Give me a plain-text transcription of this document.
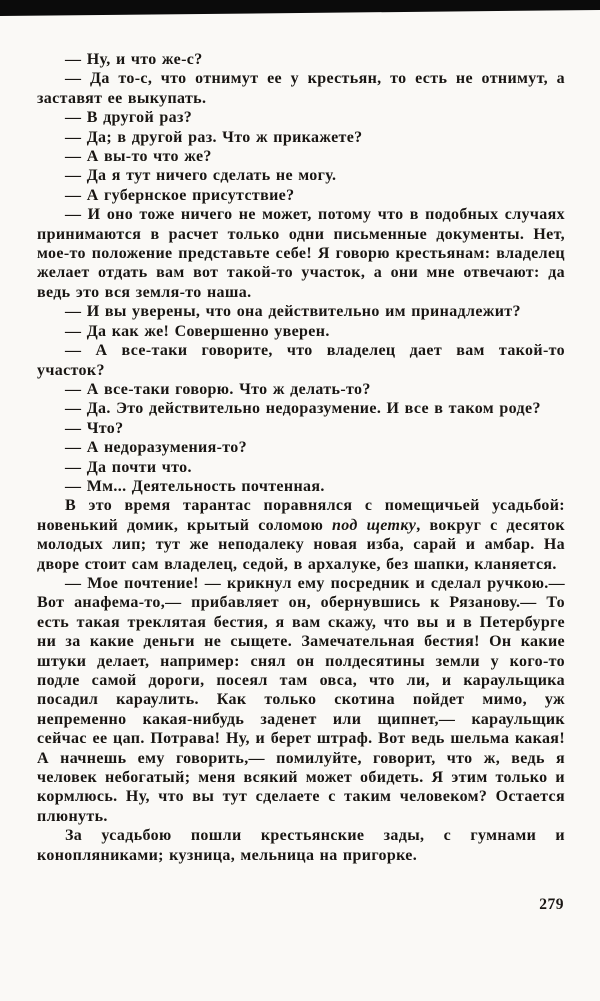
— Ну, и что же-с?

— Да то-с, что отнимут ее у крестьян, то есть не отнимут, а заставят ее выкупать.

— В другой раз?

— Да; в другой раз. Что ж прикажете?

— А вы-то что же?

— Да я тут ничего сделать не могу.

— А губернское присутствие?

— И оно тоже ничего не может, потому что в подобных случаях принимаются в расчет только одни письменные документы. Нет, мое-то положение представьте себе! Я говорю крестьянам: владелец желает отдать вам вот такой-то участок, а они мне отвечают: да ведь это вся земля-то наша.

— И вы уверены, что она действительно им принадлежит?

— Да как же! Совершенно уверен.

— А все-таки говорите, что владелец дает вам такой-то участок?

— А все-таки говорю. Что ж делать-то?

— Да. Это действительно недоразумение. И все в таком роде?

— Что?

— А недоразумения-то?

— Да почти что.

— Мм... Деятельность почтенная.

В это время тарантас поравнялся с помещичьей усадьбой: новенький домик, крытый соломою под щетку, вокруг с десяток молодых лип; тут же неподалеку новая изба, сарай и амбар. На дворе стоит сам владелец, седой, в архалуке, без шапки, кланяется.

— Мое почтение! — крикнул ему посредник и сделал ручкою.— Вот анафема-то,— прибавляет он, обернувшись к Рязанову.— То есть такая треклятая бестия, я вам скажу, что вы и в Петербурге ни за какие деньги не сыщете. Замечательная бестия! Он какие штуки делает, например: снял он полдесятины земли у кого-то подле самой дороги, посеял там овса, что ли, и караульщика посадил караулить. Как только скотина пойдет мимо, уж непременно какая-нибудь заденет или щипнет,— караульщик сейчас ее цап. Потрава! Ну, и берет штраф. Вот ведь шельма какая! А начнешь ему говорить,— помилуйте, говорит, что ж, ведь я человек небогатый; меня всякий может обидеть. Я этим только и кормлюсь. Ну, что вы тут сделаете с таким человеком? Остается плюнуть.

За усадьбою пошли крестьянские зады, с гумнами и конопляниками; кузница, мельница на пригорке.

279
